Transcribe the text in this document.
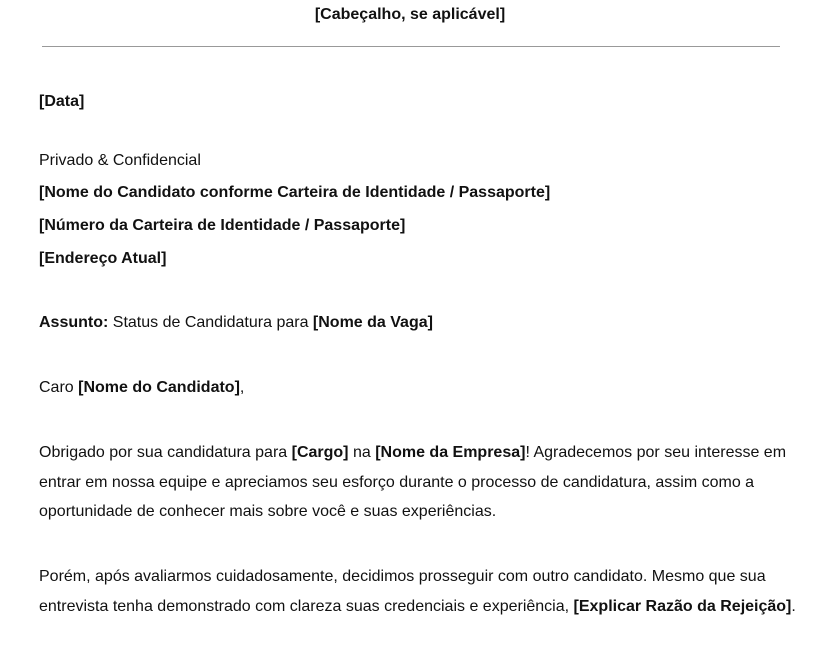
[Cabeçalho, se aplicável]
[Data]
Privado & Confidencial
[Nome do Candidato conforme Carteira de Identidade / Passaporte]
[Número da Carteira de Identidade / Passaporte]
[Endereço Atual]
Assunto: Status de Candidatura para [Nome da Vaga]
Caro [Nome do Candidato],
Obrigado por sua candidatura para [Cargo] na [Nome da Empresa]! Agradecemos por seu interesse em entrar em nossa equipe e apreciamos seu esforço durante o processo de candidatura, assim como a oportunidade de conhecer mais sobre você e suas experiências.
Porém, após avaliarmos cuidadosamente, decidimos prosseguir com outro candidato. Mesmo que sua entrevista tenha demonstrado com clareza suas credenciais e experiência, [Explicar Razão da Rejeição].
